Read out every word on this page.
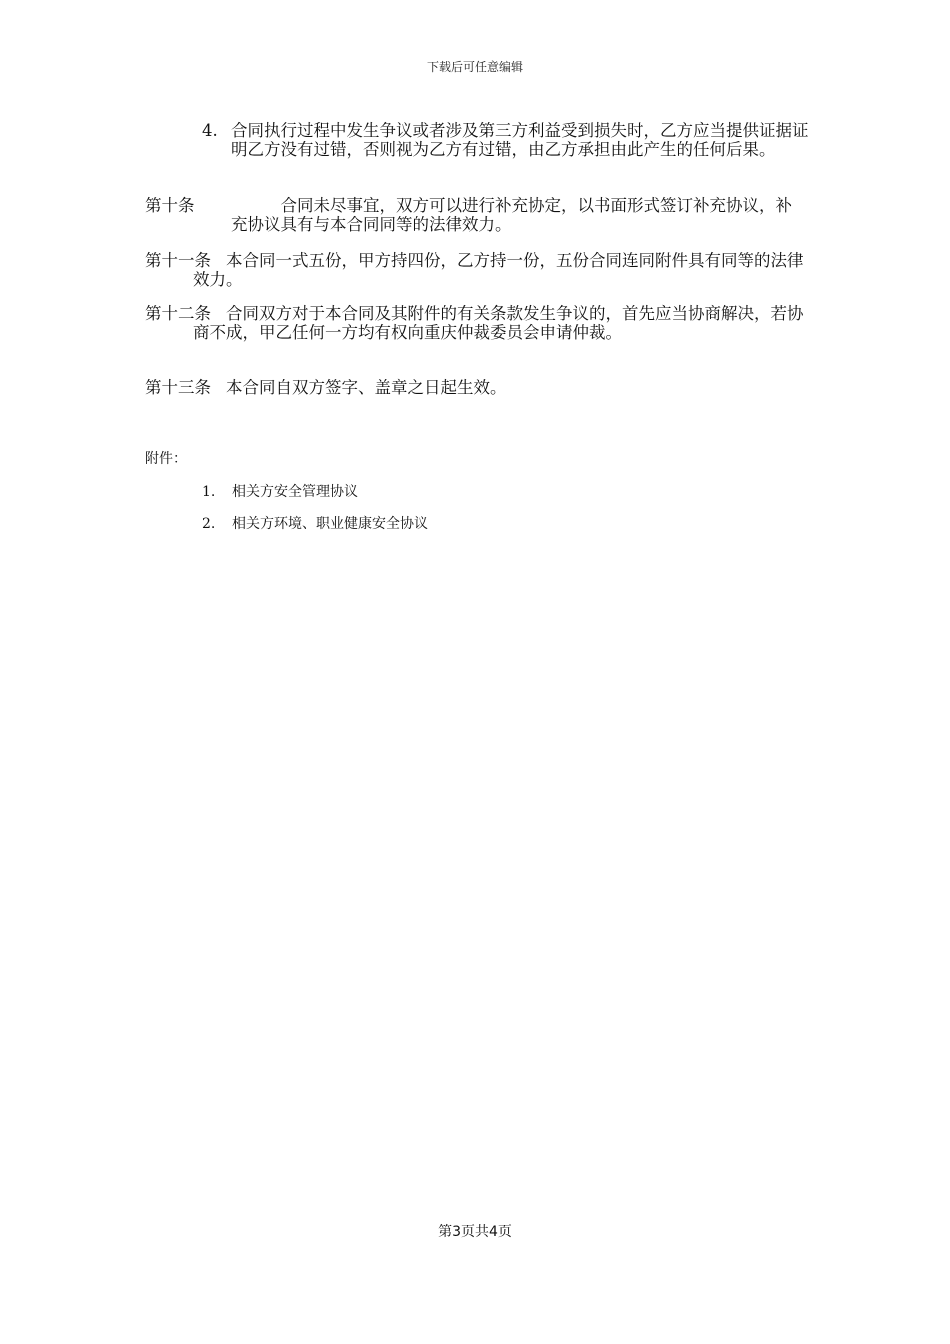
下载后可任意编辑
4. 合同执行过程中发生争议或者涉及第三方利益受到损失时，乙方应当提供证据证明乙方没有过错，否则视为乙方有过错，由乙方承担由此产生的任何后果。
第十条 　　　合同未尽事宜，双方可以进行补充协定，以书面形式签订补充协议，补充协议具有与本合同同等的法律效力。
第十一条
　　本合同一式五份，甲方持四份，乙方持一份，五份合同连同附件具有同等的法律效力。
第十二条
　　合同双方对于本合同及其附件的有关条款发生争议的，首先应当协商解决，若协商不成，甲乙任何一方均有权向重庆仲裁委员会申请仲裁。
第十三条
　　本合同自双方签字、盖章之日起生效。
附件：
1. 相关方安全管理协议
2. 相关方环境、职业健康安全协议
第3页共4页
